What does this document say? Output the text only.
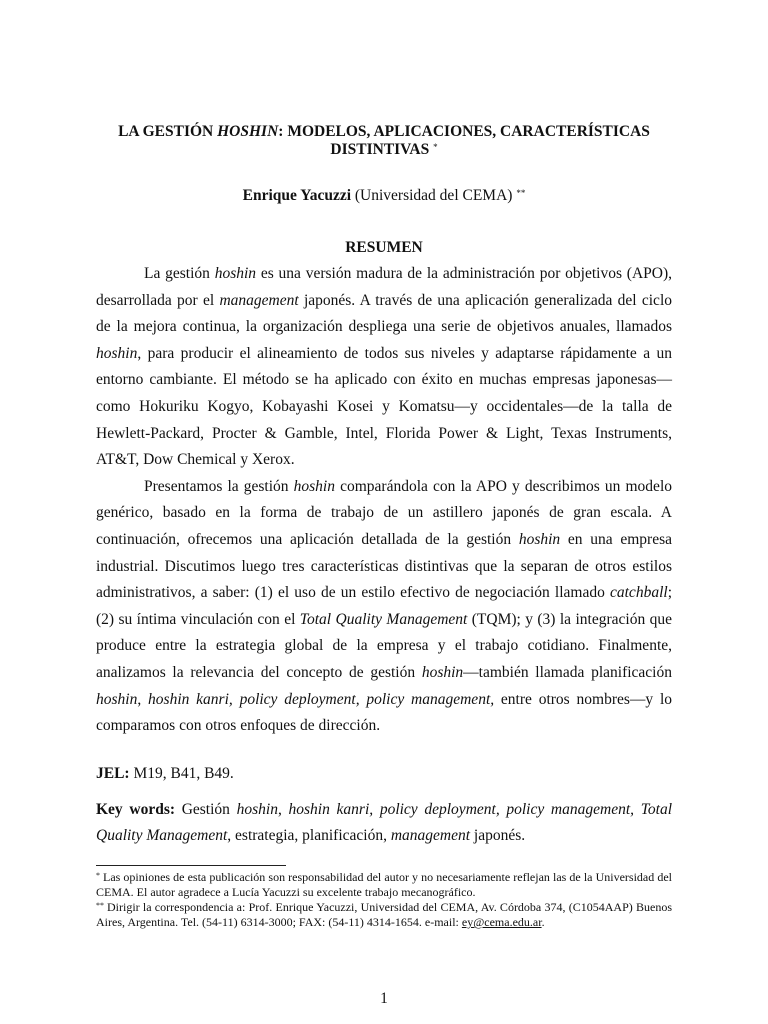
LA GESTIÓN HOSHIN: MODELOS, APLICACIONES, CARACTERÍSTICAS
DISTINTIVAS *
Enrique Yacuzzi (Universidad del CEMA) **
RESUMEN

La gestión hoshin es una versión madura de la administración por objetivos (APO), desarrollada por el management japonés. A través de una aplicación generalizada del ciclo de la mejora continua, la organización despliega una serie de objetivos anuales, llamados hoshin, para producir el alineamiento de todos sus niveles y adaptarse rápidamente a un entorno cambiante. El método se ha aplicado con éxito en muchas empresas japonesas—como Hokuriku Kogyo, Kobayashi Kosei y Komatsu—y occidentales—de la talla de Hewlett-Packard, Procter & Gamble, Intel, Florida Power & Light, Texas Instruments, AT&T, Dow Chemical y Xerox.

Presentamos la gestión hoshin comparándola con la APO y describimos un modelo genérico, basado en la forma de trabajo de un astillero japonés de gran escala. A continuación, ofrecemos una aplicación detallada de la gestión hoshin en una empresa industrial. Discutimos luego tres características distintivas que la separan de otros estilos administrativos, a saber: (1) el uso de un estilo efectivo de negociación llamado catchball; (2) su íntima vinculación con el Total Quality Management (TQM); y (3) la integración que produce entre la estrategia global de la empresa y el trabajo cotidiano. Finalmente, analizamos la relevancia del concepto de gestión hoshin—también llamada planificación hoshin, hoshin kanri, policy deployment, policy management, entre otros nombres—y lo comparamos con otros enfoques de dirección.

JEL: M19, B41, B49.
Key words: Gestión hoshin, hoshin kanri, policy deployment, policy management, Total Quality Management, estrategia, planificación, management japonés.

* Las opiniones de esta publicación son responsabilidad del autor y no necesariamente reflejan las de la Universidad del CEMA. El autor agradece a Lucía Yacuzzi su excelente trabajo mecanográfico.

** Dirigir la correspondencia a: Prof. Enrique Yacuzzi, Universidad del CEMA, Av. Córdoba 374, (C1054AAP) Buenos Aires, Argentina. Tel. (54-11) 6314-3000; FAX: (54-11) 4314-1654. e-mail: ey@cema.edu.ar.

1
